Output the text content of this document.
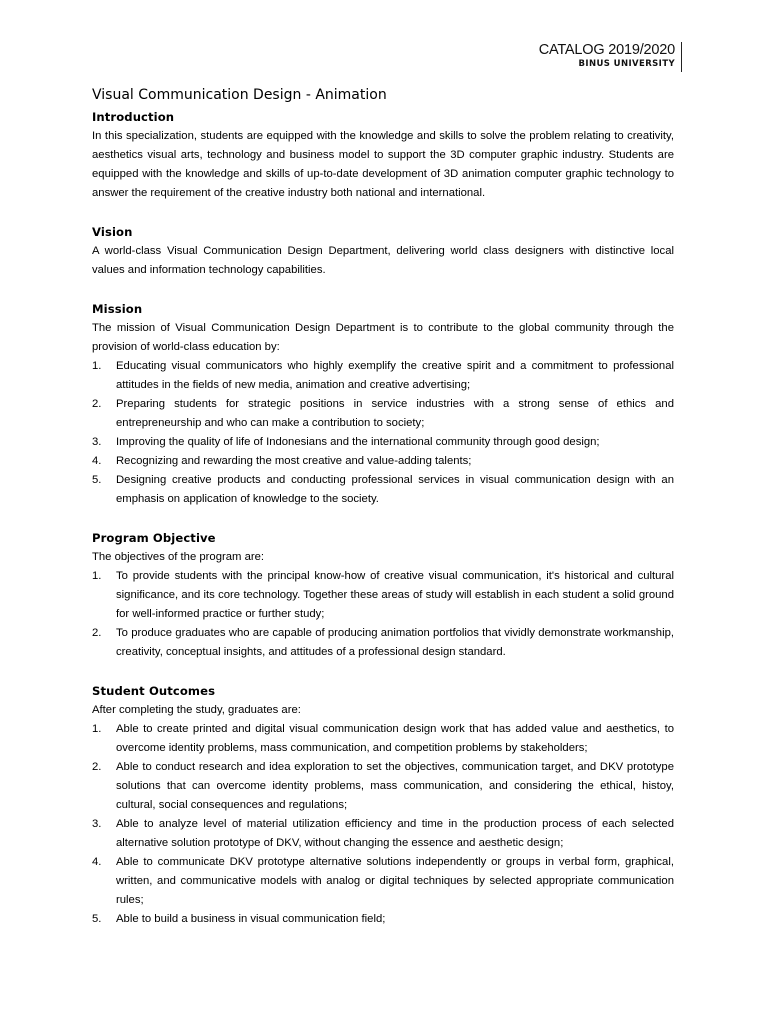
CATALOG 2019/2020
BINUS UNIVERSITY
Visual Communication Design - Animation
Introduction

In this specialization, students are equipped with the knowledge and skills to solve the problem relating to creativity, aesthetics visual arts, technology and business model to support the 3D computer graphic industry. Students are equipped with the knowledge and skills of up-to-date development of 3D animation computer graphic technology to answer the requirement of the creative industry both national and international.

Vision

A world-class Visual Communication Design Department, delivering world class designers with distinctive local values and information technology capabilities.

Mission

The mission of Visual Communication Design Department is to contribute to the global community through the provision of world-class education by:

1. Educating visual communicators who highly exemplify the creative spirit and a commitment to professional attitudes in the fields of new media, animation and creative advertising;
2. Preparing students for strategic positions in service industries with a strong sense of ethics and entrepreneurship and who can make a contribution to society;
3. Improving the quality of life of Indonesians and the international community through good design;
4. Recognizing and rewarding the most creative and value-adding talents;
5. Designing creative products and conducting professional services in visual communication design with an emphasis on application of knowledge to the society.
Program Objective

The objectives of the program are:

1. To provide students with the principal know-how of creative visual communication, it's historical and cultural significance, and its core technology. Together these areas of study will establish in each student a solid ground for well-informed practice or further study;
2. To produce graduates who are capable of producing animation portfolios that vividly demonstrate workmanship, creativity, conceptual insights, and attitudes of a professional design standard.
Student Outcomes

After completing the study, graduates are:

1. Able to create printed and digital visual communication design work that has added value and aesthetics, to overcome identity problems, mass communication, and competition problems by stakeholders;
2. Able to conduct research and idea exploration to set the objectives, communication target, and DKV prototype solutions that can overcome identity problems, mass communication, and considering the ethical, histoy, cultural, social consequences and regulations;
3. Able to analyze level of material utilization efficiency and time in the production process of each selected alternative solution prototype of DKV, without changing the essence and aesthetic design;
4. Able to communicate DKV prototype alternative solutions independently or groups in verbal form, graphical, written, and communicative models with analog or digital techniques by selected appropriate communication rules;
5. Able to build a business in visual communication field;
